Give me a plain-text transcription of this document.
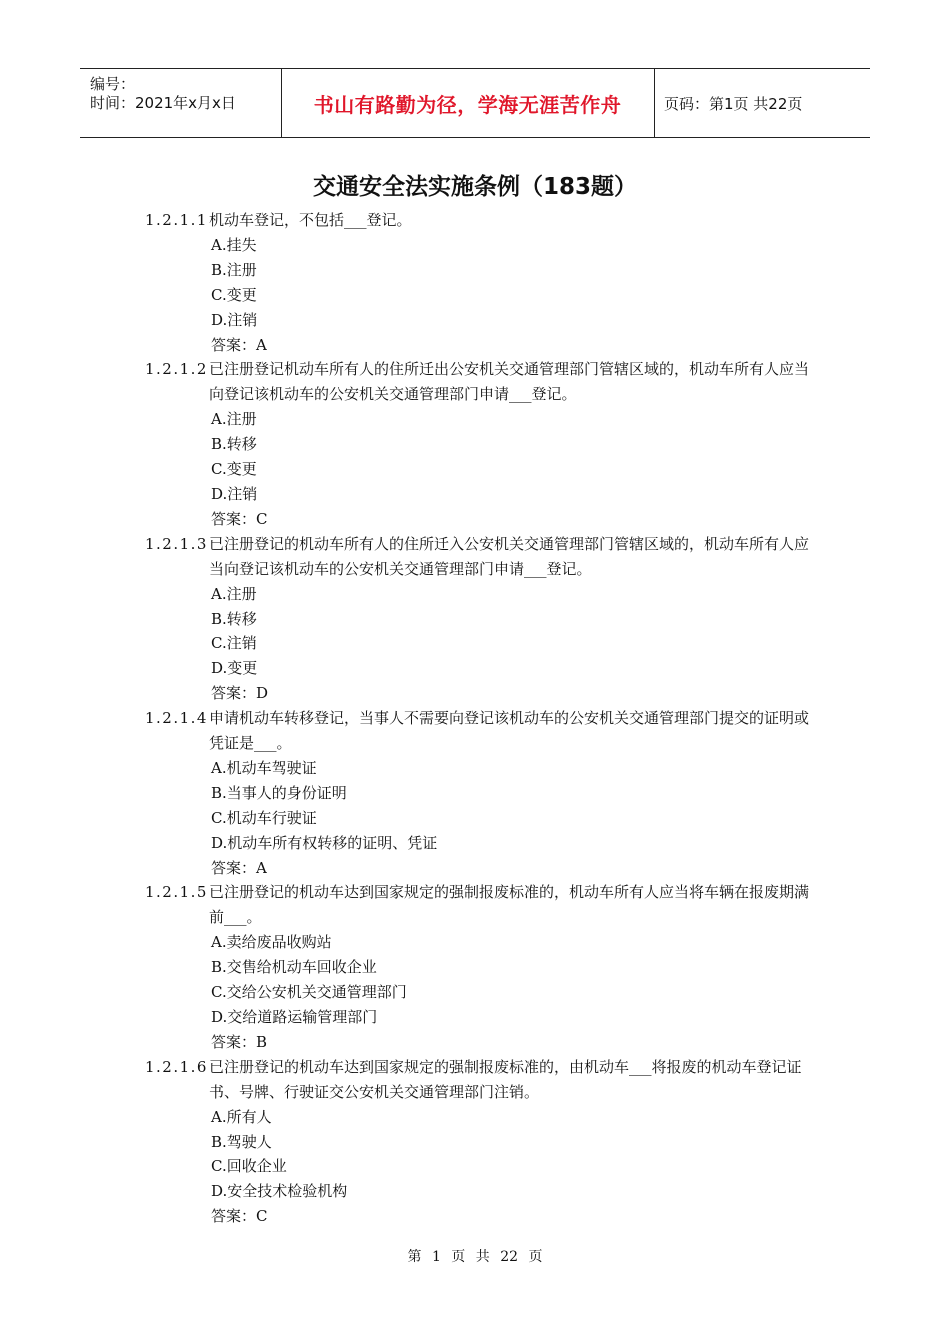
编号：
时间：2021年x月x日	书山有路勤为径，学海无涯苦作舟	页码：第1页 共22页
交通安全法实施条例（183题）
1.2.1.1 机动车登记，不包括___登记。
A.挂失
B.注册
C.变更
D.注销
答案：A
1.2.1.2 已注册登记机动车所有人的住所迁出公安机关交通管理部门管辖区域的，机动车所有人应当向登记该机动车的公安机关交通管理部门申请___登记。
A.注册
B.转移
C.变更
D.注销
答案：C
1.2.1.3 已注册登记的机动车所有人的住所迁入公安机关交通管理部门管辖区域的，机动车所有人应当向登记该机动车的公安机关交通管理部门申请___登记。
A.注册
B.转移
C.注销
D.变更
答案：D
1.2.1.4 申请机动车转移登记，当事人不需要向登记该机动车的公安机关交通管理部门提交的证明或凭证是___。
A.机动车驾驶证
B.当事人的身份证明
C.机动车行驶证
D.机动车所有权转移的证明、凭证
答案：A
1.2.1.5 已注册登记的机动车达到国家规定的强制报废标准的，机动车所有人应当将车辆在报废期满前___。
A.卖给废品收购站
B.交售给机动车回收企业
C.交给公安机关交通管理部门
D.交给道路运输管理部门
答案：B
1.2.1.6 已注册登记的机动车达到国家规定的强制报废标准的，由机动车___将报废的机动车登记证书、号牌、行驶证交公安机关交通管理部门注销。
A.所有人
B.驾驶人
C.回收企业
D.安全技术检验机构
答案：C
第 1 页 共 22 页
